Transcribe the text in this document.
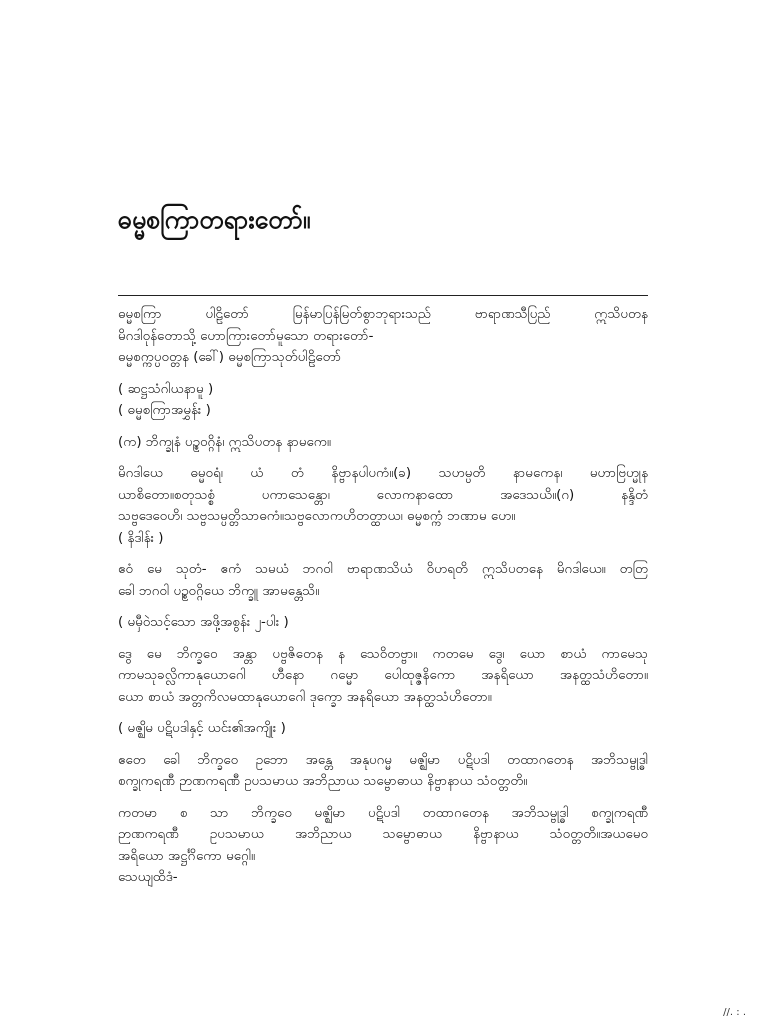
ဓမ္မစကြာတရားတော်။
ဓမ္မစကြာ ပါဠိတော် မြန်မာပြန်မြတ်စွာဘုရားသည် ဗာရာဏသီပြည် ဣသိပတန
မိဂဒါဝုန်တောသို့ ဟောကြားတော်မူသော တရားတော်-
ဓမ္မစက္ကပ္ပဝတ္တန (ခေါ်) ဓမ္မစကြာသုတ်ပါဠိတော်
( ဆဋ္ဌသံဂါယနာမူ )
( ဓမ္မစကြာအမွှန်း )
(က) ဘိက္ခုနံ ပဉ္စဝဂ္ဂိနံ၊ ဣသိပတန နာမကေ။
မိဂဒါယေ ဓမ္မဝရံ၊ ယံ တံ နိဗ္ဗာနပါပကံ။(ခ) သဟမ္ပတိ နာမကေန၊ မဟာဗြဟ္မုန
ယာစိတော။စတုသစ္စံ ပကာသေန္တော၊ လောကနာထော အဒေသယိ။(ဂ) နန္ဒိတံ
သဗ္ဗဒေဝေဟိ၊ သဗ္ဗသမ္ပတ္တိသာဓကံ။သဗ္ဗလောကဟိတတ္ထာယ၊ ဓမ္မစက္ကံ ဘဏာမ ဟေ။
( နိဒါန်း )
ဧဝံ မေ သုတံ- ဧကံ သမယံ ဘဂဝါ ဗာရာဏသိယံ ဝိဟရတိ ဣသိပတနေ မိဂဒါယေ။ တတြ
ခေါ ဘဂဝါ ပဉ္စဝဂ္ဂိယေ ဘိက္ခူ အာမန္တေသိ။
( မမှီဝဲသင့်သော အဖို့အစွန်း ၂-ပါး )
ဒွေ မေ ဘိက္ခဝေ အန္တာ ပဗ္ဗဇိတေန န သေဝိတဗ္ဗာ။ ကတမေ ဒွေ၊ ယော စာယံ ကာမေသု
ကာမသုခလ္လိကာနုယောဂေါ ဟီနော ဂမ္မော ပေါထုဇ္ဇနိကော အနရိယော အနတ္ထသံဟိတော။
ယော စာယံ အတ္တကိလမထာနုယောဂေါ ဒုက္ခော အနရိယော အနတ္ထသံဟိတော။
( မဇ္ဈိမ ပဋိပဒါနှင့် ယင်း၏အကျိုး )
ဧတေ ခေါ ဘိက္ခဝေ ဥဘော အန္တေ အနုပဂမ္မ မဇ္ဈိမာ ပဋိပဒါ တထာဂတေန အဘိသမ္ဗုဒ္ဓါ
စက္ခုကရဏီ ဉာဏကရဏီ ဥပသမာယ အဘိညာယ သမ္ဗောဓာယ နိဗ္ဗာနာယ သံဝတ္တတိ။
ကတမာ စ သာ ဘိက္ခဝေ မဇ္ဈိမာ ပဋိပဒါ တထာဂတေန အဘိသမ္ဗုဒ္ဓါ စက္ခုကရဏီ
ဉာဏကရဏီ ဥပသမာယ အဘိညာယ သမ္ဗောဓာယ နိဗ္ဗာနာယ သံဝတ္တတိ။အယမေဝ
အရိယော အဋ္ဌင်္ဂိကော မဂ္ဂေါ။
သေယျထိဒံ-
//. : .
